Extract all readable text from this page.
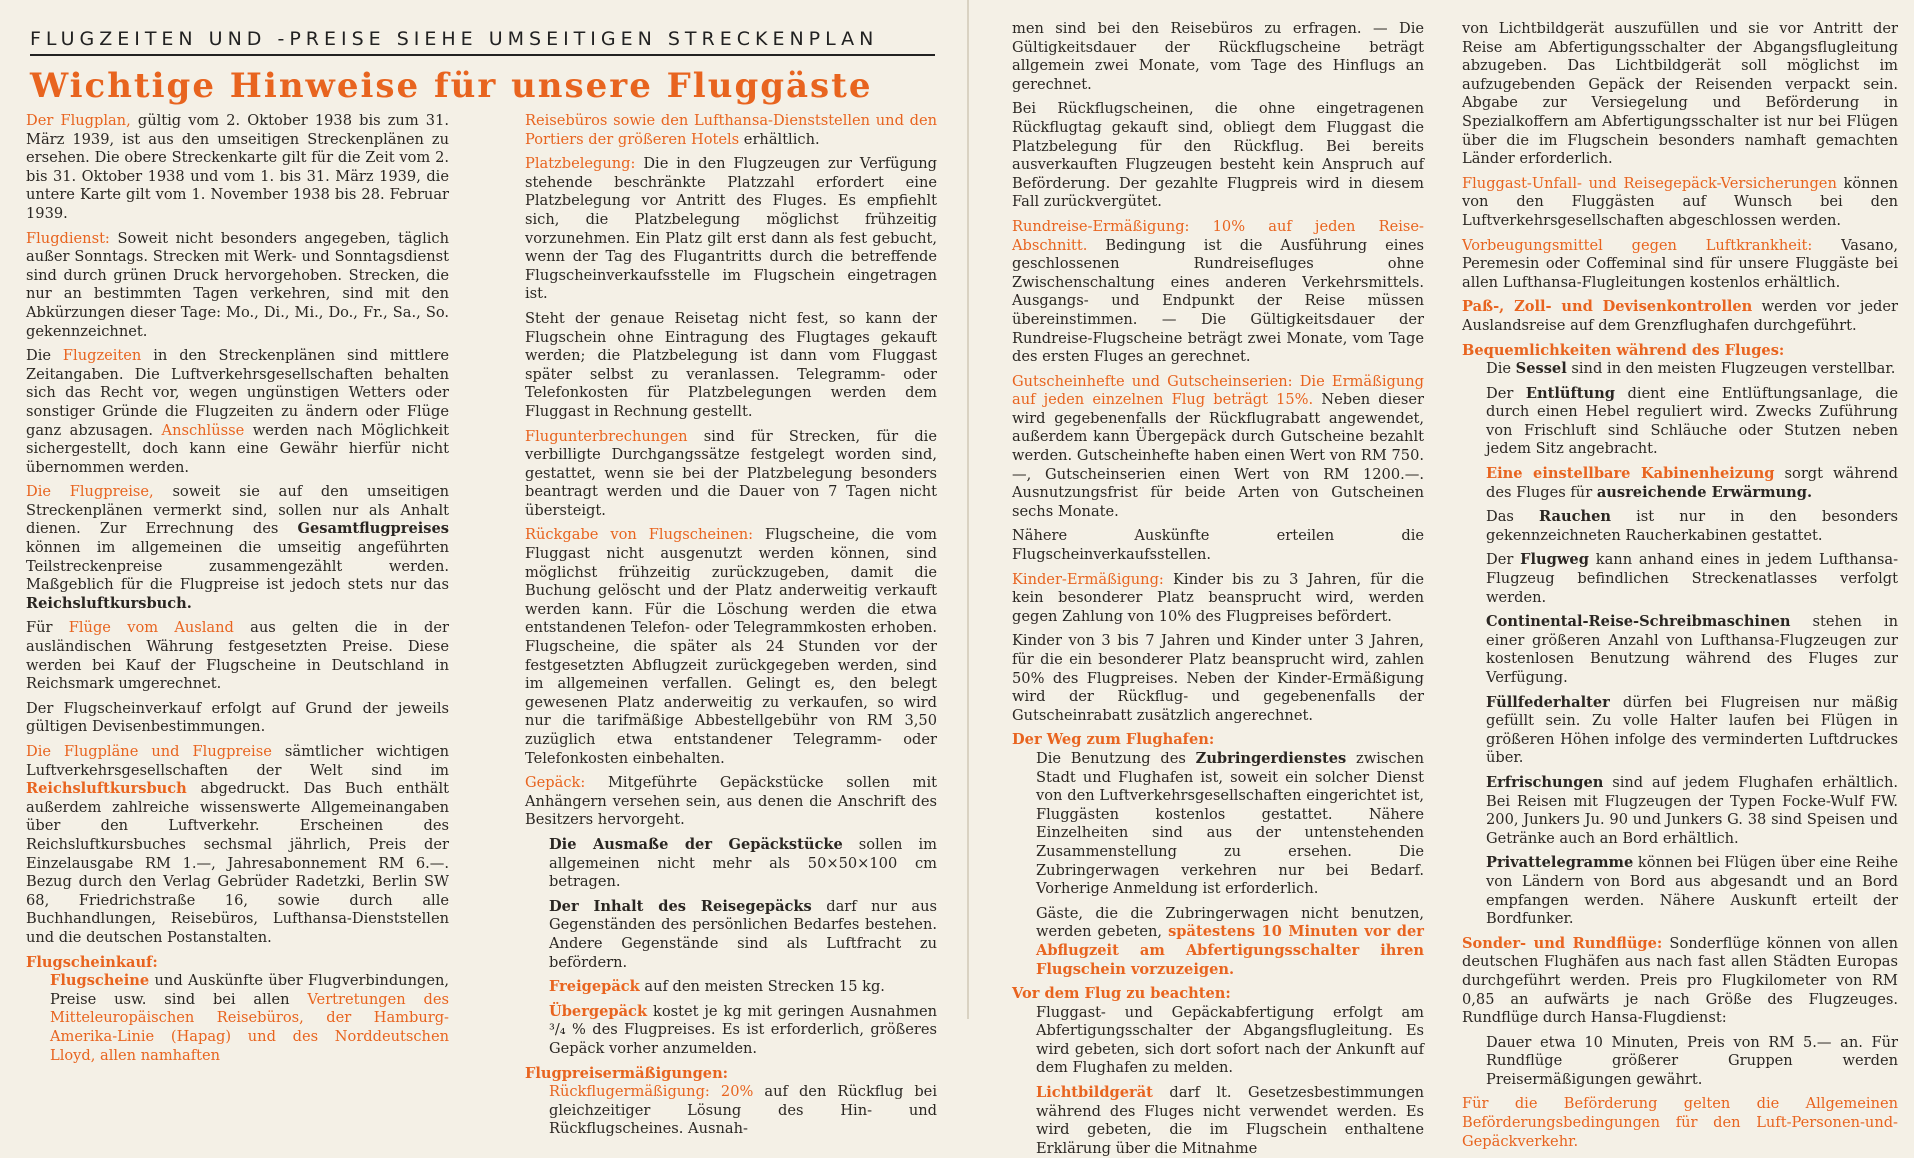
FLUGZEITEN UND -PREISE SIEHE UMSEITIGEN STRECKENPLAN
Wichtige Hinweise für unsere Fluggäste

Der Flugplan, gültig vom 2. Oktober 1938 bis zum 31. März 1939, ist aus den umseitigen Streckenplänen zu ersehen. Die obere Streckenkarte gilt für die Zeit vom 2. bis 31. Oktober 1938 und vom 1. bis 31. März 1939, die untere Karte gilt vom 1. November 1938 bis 28. Februar 1939.

Flugdienst: Soweit nicht besonders angegeben, täglich außer Sonntags. Strecken mit Werk- und Sonntagsdienst sind durch grünen Druck hervorgehoben. Strecken, die nur an bestimmten Tagen verkehren, sind mit den Abkürzungen dieser Tage: Mo., Di., Mi., Do., Fr., Sa., So. gekennzeichnet.

Die Flugzeiten in den Streckenplänen sind mittlere Zeitangaben. Die Luftverkehrsgesellschaften behalten sich das Recht vor, wegen ungünstigen Wetters oder sonstiger Gründe die Flugzeiten zu ändern oder Flüge ganz abzusagen. Anschlüsse werden nach Möglichkeit sichergestellt, doch kann eine Gewähr hierfür nicht übernommen werden.

Die Flugpreise, soweit sie auf den umseitigen Streckenplänen vermerkt sind, sollen nur als Anhalt dienen. Zur Errechnung des Gesamtflugpreises können im allgemeinen die umseitig angeführten Teilstreckenpreise zusammengezählt werden. Maßgeblich für die Flugpreise ist jedoch stets nur das Reichsluftkursbuch.

Für Flüge vom Ausland aus gelten die in der ausländischen Währung festgesetzten Preise. Diese werden bei Kauf der Flugscheine in Deutschland in Reichsmark umgerechnet.

Der Flugscheinverkauf erfolgt auf Grund der jeweils gültigen Devisenbestimmungen.

Die Flugpläne und Flugpreise sämtlicher wichtigen Luftverkehrsgesellschaften der Welt sind im Reichsluftkursbuch abgedruckt. Das Buch enthält außerdem zahlreiche wissenswerte Allgemeinangaben über den Luftverkehr. Erscheinen des Reichsluftkursbuches sechsmal jährlich, Preis der Einzelausgabe RM 1.—, Jahresabonnement RM 6.—. Bezug durch den Verlag Gebrüder Radetzki, Berlin SW 68, Friedrichstraße 16, sowie durch alle Buchhandlungen, Reisebüros, Lufthansa-Dienststellen und die deutschen Postanstalten.

Flugscheinkauf:

Flugscheine und Auskünfte über Flugverbindungen, Preise usw. sind bei allen Vertretungen des Mitteleuropäischen Reisebüros, der Hamburg-Amerika-Linie (Hapag) und des Norddeutschen Lloyd, allen namhaften

Reisebüros sowie den Lufthansa-Dienststellen und den Portiers der größeren Hotels erhältlich.

Platzbelegung: Die in den Flugzeugen zur Verfügung stehende beschränkte Platzzahl erfordert eine Platzbelegung vor Antritt des Fluges. Es empfiehlt sich, die Platzbelegung möglichst frühzeitig vorzunehmen. Ein Platz gilt erst dann als fest gebucht, wenn der Tag des Flugantritts durch die betreffende Flugscheinverkaufsstelle im Flugschein eingetragen ist.

Steht der genaue Reisetag nicht fest, so kann der Flugschein ohne Eintragung des Flugtages gekauft werden; die Platzbelegung ist dann vom Fluggast später selbst zu veranlassen. Telegramm- oder Telefonkosten für Platzbelegungen werden dem Fluggast in Rechnung gestellt.

Flugunterbrechungen sind für Strecken, für die verbilligte Durchgangssätze festgelegt worden sind, gestattet, wenn sie bei der Platzbelegung besonders beantragt werden und die Dauer von 7 Tagen nicht übersteigt.

Rückgabe von Flugscheinen: Flugscheine, die vom Fluggast nicht ausgenutzt werden können, sind möglichst frühzeitig zurückzugeben, damit die Buchung gelöscht und der Platz anderweitig verkauft werden kann. Für die Löschung werden die etwa entstandenen Telefon- oder Telegrammkosten erhoben. Flugscheine, die später als 24 Stunden vor der festgesetzten Abflugzeit zurückgegeben werden, sind im allgemeinen verfallen. Gelingt es, den belegt gewesenen Platz anderweitig zu verkaufen, so wird nur die tarifmäßige Abbestellgebühr von RM 3,50 zuzüglich etwa entstandener Telegramm- oder Telefonkosten einbehalten.

Gepäck: Mitgeführte Gepäckstücke sollen mit Anhängern versehen sein, aus denen die Anschrift des Besitzers hervorgeht.

Die Ausmaße der Gepäckstücke sollen im allgemeinen nicht mehr als 50×50×100 cm betragen.

Der Inhalt des Reisegepäcks darf nur aus Gegenständen des persönlichen Bedarfes bestehen. Andere Gegenstände sind als Luftfracht zu befördern.

Freigepäck auf den meisten Strecken 15 kg.

Übergepäck kostet je kg mit geringen Ausnahmen ³/₄ % des Flugpreises. Es ist erforderlich, größeres Gepäck vorher anzumelden.

Flugpreisermäßigungen:

Rückflugermäßigung: 20% auf den Rückflug bei gleichzeitiger Lösung des Hin- und Rückflugscheines. Ausnah-

men sind bei den Reisebüros zu erfragen. — Die Gültigkeitsdauer der Rückflugscheine beträgt allgemein zwei Monate, vom Tage des Hinflugs an gerechnet.

Bei Rückflugscheinen, die ohne eingetragenen Rückflugtag gekauft sind, obliegt dem Fluggast die Platzbelegung für den Rückflug. Bei bereits ausverkauften Flugzeugen besteht kein Anspruch auf Beförderung. Der gezahlte Flugpreis wird in diesem Fall zurückvergütet.

Rundreise-Ermäßigung: 10% auf jeden Reise-Abschnitt. Bedingung ist die Ausführung eines geschlossenen Rundreisefluges ohne Zwischenschaltung eines anderen Verkehrsmittels. Ausgangs- und Endpunkt der Reise müssen übereinstimmen. — Die Gültigkeitsdauer der Rundreise-Flugscheine beträgt zwei Monate, vom Tage des ersten Fluges an gerechnet.

Gutscheinhefte und Gutscheinserien: Die Ermäßigung auf jeden einzelnen Flug beträgt 15%. Neben dieser wird gegebenenfalls der Rückflugrabatt angewendet, außerdem kann Übergepäck durch Gutscheine bezahlt werden. Gutscheinhefte haben einen Wert von RM 750.—, Gutscheinserien einen Wert von RM 1200.—. Ausnutzungsfrist für beide Arten von Gutscheinen sechs Monate.

Nähere Auskünfte erteilen die Flugscheinverkaufsstellen.

Kinder-Ermäßigung: Kinder bis zu 3 Jahren, für die kein besonderer Platz beansprucht wird, werden gegen Zahlung von 10% des Flugpreises befördert.

Kinder von 3 bis 7 Jahren und Kinder unter 3 Jahren, für die ein besonderer Platz beansprucht wird, zahlen 50% des Flugpreises. Neben der Kinder-Ermäßigung wird der Rückflug- und gegebenenfalls der Gutscheinrabatt zusätzlich angerechnet.

Der Weg zum Flughafen:

Die Benutzung des Zubringerdienstes zwischen Stadt und Flughafen ist, soweit ein solcher Dienst von den Luftverkehrsgesellschaften eingerichtet ist, Fluggästen kostenlos gestattet. Nähere Einzelheiten sind aus der untenstehenden Zusammenstellung zu ersehen. Die Zubringerwagen verkehren nur bei Bedarf. Vorherige Anmeldung ist erforderlich.

Gäste, die die Zubringerwagen nicht benutzen, werden gebeten, spätestens 10 Minuten vor der Abflugzeit am Abfertigungsschalter ihren Flugschein vorzuzeigen.

Vor dem Flug zu beachten:

Fluggast- und Gepäckabfertigung erfolgt am Abfertigungsschalter der Abgangsflugleitung. Es wird gebeten, sich dort sofort nach der Ankunft auf dem Flughafen zu melden.

Lichtbildgerät darf lt. Gesetzesbestimmungen während des Fluges nicht verwendet werden. Es wird gebeten, die im Flugschein enthaltene Erklärung über die Mitnahme

von Lichtbildgerät auszufüllen und sie vor Antritt der Reise am Abfertigungsschalter der Abgangsflugleitung abzugeben. Das Lichtbildgerät soll möglichst im aufzugebenden Gepäck der Reisenden verpackt sein. Abgabe zur Versiegelung und Beförderung in Spezialkoffern am Abfertigungsschalter ist nur bei Flügen über die im Flugschein besonders namhaft gemachten Länder erforderlich.

Fluggast-Unfall- und Reisegepäck-Versicherungen können von den Fluggästen auf Wunsch bei den Luftverkehrsgesellschaften abgeschlossen werden.

Vorbeugungsmittel gegen Luftkrankheit: Vasano, Peremesin oder Coffeminal sind für unsere Fluggäste bei allen Lufthansa-Flugleitungen kostenlos erhältlich.

Paß-, Zoll- und Devisenkontrollen werden vor jeder Auslandsreise auf dem Grenzflughafen durchgeführt.

Bequemlichkeiten während des Fluges:

Die Sessel sind in den meisten Flugzeugen verstellbar.

Der Entlüftung dient eine Entlüftungsanlage, die durch einen Hebel reguliert wird. Zwecks Zuführung von Frischluft sind Schläuche oder Stutzen neben jedem Sitz angebracht.

Eine einstellbare Kabinenheizung sorgt während des Fluges für ausreichende Erwärmung.

Das Rauchen ist nur in den besonders gekennzeichneten Raucherkabinen gestattet.

Der Flugweg kann anhand eines in jedem Lufthansa-Flugzeug befindlichen Streckenatlasses verfolgt werden.

Continental-Reise-Schreibmaschinen stehen in einer größeren Anzahl von Lufthansa-Flugzeugen zur kostenlosen Benutzung während des Fluges zur Verfügung.

Füllfederhalter dürfen bei Flugreisen nur mäßig gefüllt sein. Zu volle Halter laufen bei Flügen in größeren Höhen infolge des verminderten Luftdruckes über.

Erfrischungen sind auf jedem Flughafen erhältlich. Bei Reisen mit Flugzeugen der Typen Focke-Wulf FW. 200, Junkers Ju. 90 und Junkers G. 38 sind Speisen und Getränke auch an Bord erhältlich.

Privattelegramme können bei Flügen über eine Reihe von Ländern von Bord aus abgesandt und an Bord empfangen werden. Nähere Auskunft erteilt der Bordfunker.

Sonder- und Rundflüge: Sonderflüge können von allen deutschen Flughäfen aus nach fast allen Städten Europas durchgeführt werden. Preis pro Flugkilometer von RM 0,85 an aufwärts je nach Größe des Flugzeuges. Rundflüge durch Hansa-Flugdienst:

Dauer etwa 10 Minuten, Preis von RM 5.— an. Für Rundflüge größerer Gruppen werden Preisermäßigungen gewährt.

Für die Beförderung gelten die Allgemeinen Beförderungsbedingungen für den Luft-Personen-und-Gepäckverkehr.
